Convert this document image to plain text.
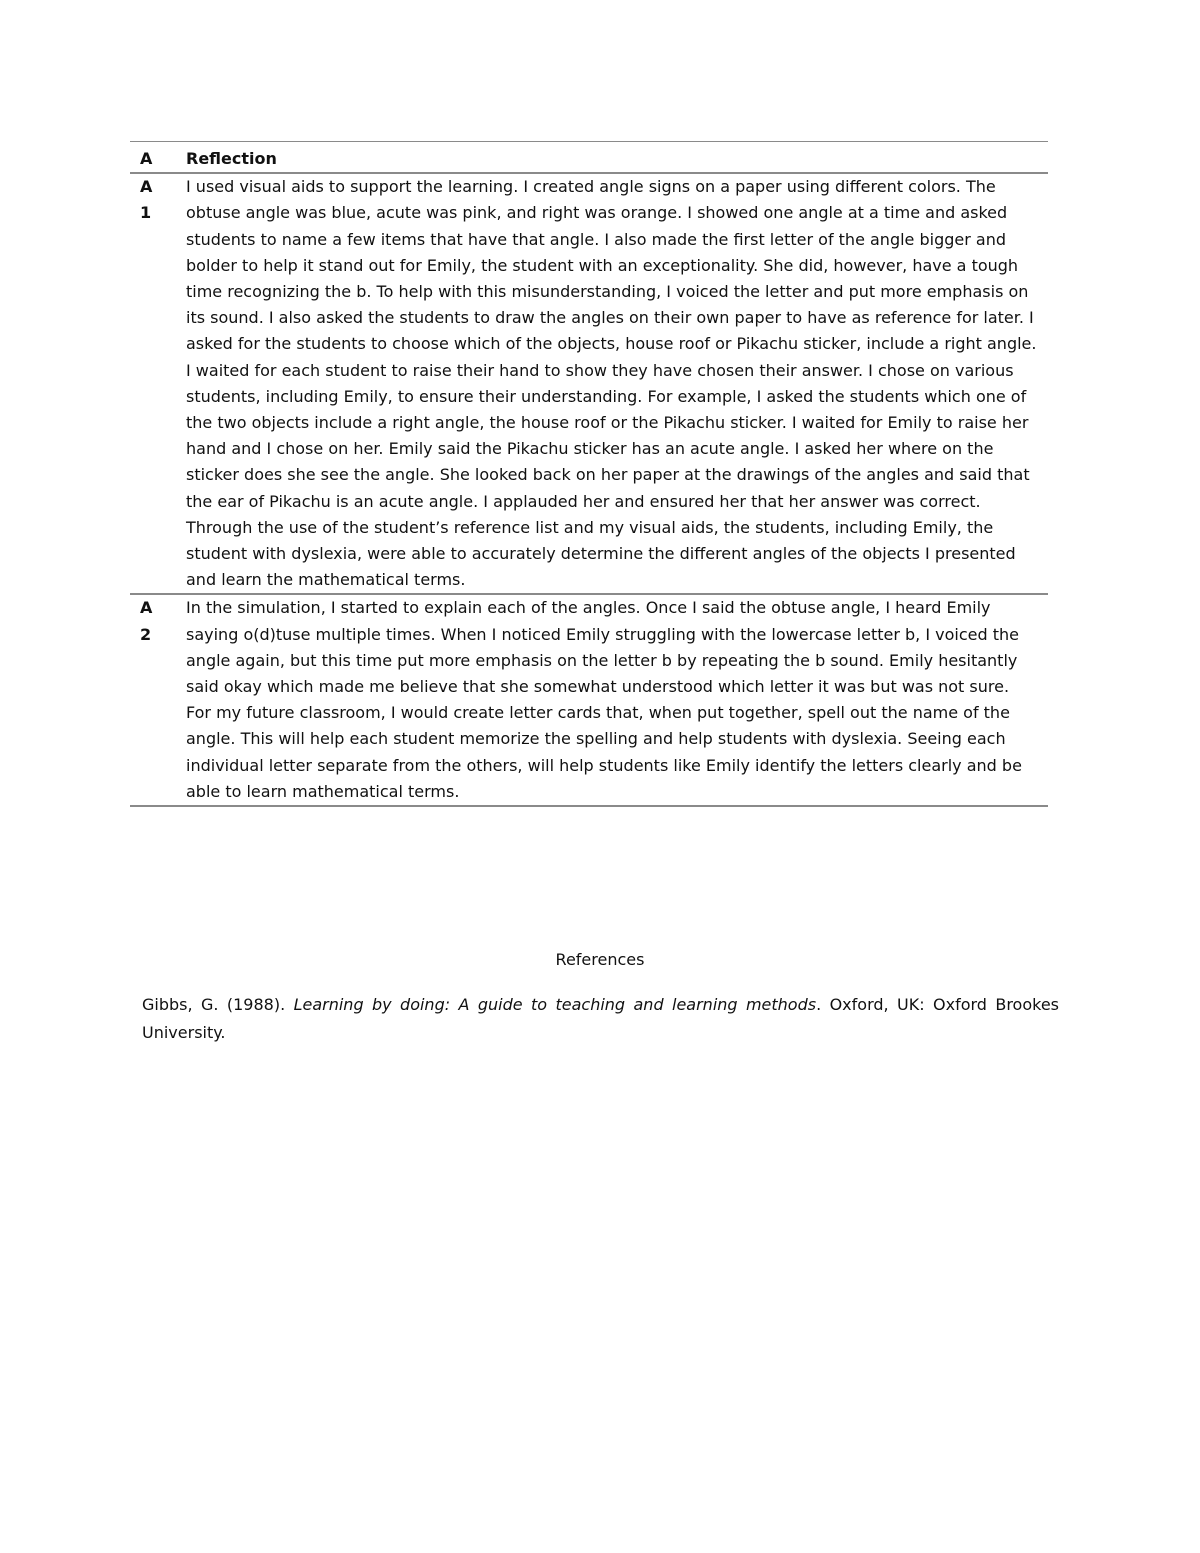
A	Reflection
A
1

I used visual aids to support the learning. I created angle signs on a paper using different colors. The obtuse angle was blue, acute was pink, and right was orange. I showed one angle at a time and asked students to name a few items that have that angle. I also made the first letter of the angle bigger and bolder to help it stand out for Emily, the student with an exceptionality. She did, however, have a tough time recognizing the b. To help with this misunderstanding, I voiced the letter and put more emphasis on its sound. I also asked the students to draw the angles on their own paper to have as reference for later. I asked for the students to choose which of the objects, house roof or Pikachu sticker, include a right angle. I waited for each student to raise their hand to show they have chosen their answer. I chose on various students, including Emily, to ensure their understanding. For example, I asked the students which one of the two objects include a right angle, the house roof or the Pikachu sticker. I waited for Emily to raise her hand and I chose on her. Emily said the Pikachu sticker has an acute angle. I asked her where on the sticker does she see the angle. She looked back on her paper at the drawings of the angles and said that the ear of Pikachu is an acute angle. I applauded her and ensured her that her answer was correct. Through the use of the student’s reference list and my visual aids, the students, including Emily, the student with dyslexia, were able to accurately determine the different angles of the objects I presented and learn the mathematical terms.

A
2

In the simulation, I started to explain each of the angles. Once I said the obtuse angle, I heard Emily saying o(d)tuse multiple times. When I noticed Emily struggling with the lowercase letter b, I voiced the angle again, but this time put more emphasis on the letter b by repeating the b sound. Emily hesitantly said okay which made me believe that she somewhat understood which letter it was but was not sure.

For my future classroom, I would create letter cards that, when put together, spell out the name of the angle. This will help each student memorize the spelling and help students with dyslexia. Seeing each individual letter separate from the others, will help students like Emily identify the letters clearly and be able to learn mathematical terms.

References
Gibbs, G. (1988). Learning by doing: A guide to teaching and learning methods. Oxford, UK: Oxford Brookes University.
